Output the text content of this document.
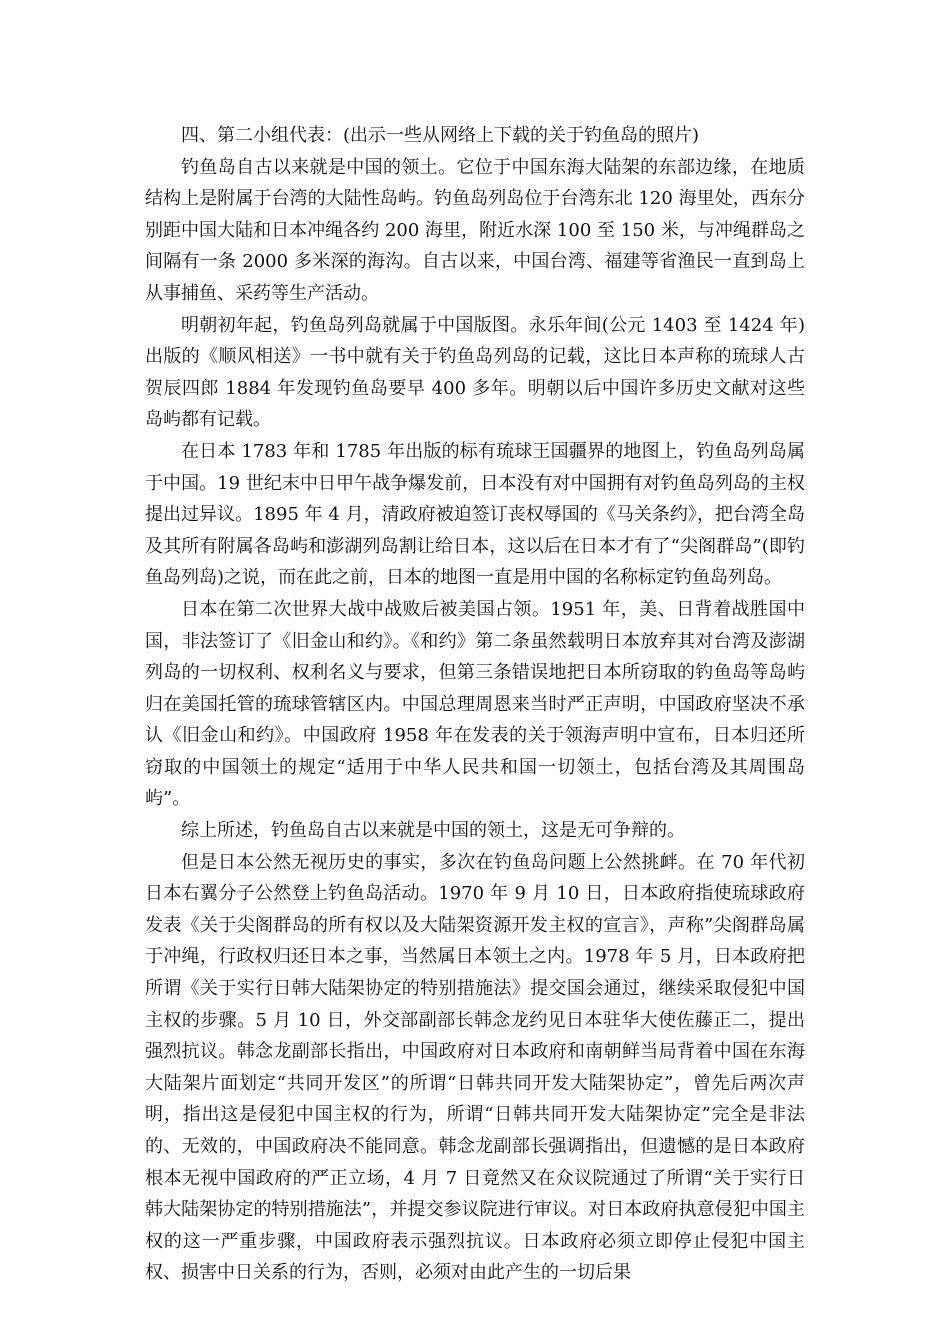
四、第二小组代表：(出示一些从网络上下载的关于钓鱼岛的照片)

钓鱼岛自古以来就是中国的领土。它位于中国东海大陆架的东部边缘，在地质结构上是附属于台湾的大陆性岛屿。钓鱼岛列岛位于台湾东北 120 海里处，西东分别距中国大陆和日本冲绳各约 200 海里，附近水深 100 至 150 米，与冲绳群岛之间隔有一条 2000 多米深的海沟。自古以来，中国台湾、福建等省渔民一直到岛上从事捕鱼、采药等生产活动。

明朝初年起，钓鱼岛列岛就属于中国版图。永乐年间(公元 1403 至 1424 年)出版的《顺风相送》一书中就有关于钓鱼岛列岛的记载，这比日本声称的琉球人古贺辰四郎 1884 年发现钓鱼岛要早 400 多年。明朝以后中国许多历史文献对这些岛屿都有记载。

在日本 1783 年和 1785 年出版的标有琉球王国疆界的地图上，钓鱼岛列岛属于中国。19 世纪末中日甲午战争爆发前，日本没有对中国拥有对钓鱼岛列岛的主权提出过异议。1895 年 4 月，清政府被迫签订丧权辱国的《马关条约》，把台湾全岛及其所有附属各岛屿和澎湖列岛割让给日本，这以后在日本才有了“尖阁群岛”(即钓鱼岛列岛)之说，而在此之前，日本的地图一直是用中国的名称标定钓鱼岛列岛。

日本在第二次世界大战中战败后被美国占领。1951 年，美、日背着战胜国中国，非法签订了《旧金山和约》。《和约》第二条虽然载明日本放弃其对台湾及澎湖列岛的一切权利、权利名义与要求，但第三条错误地把日本所窃取的钓鱼岛等岛屿归在美国托管的琉球管辖区内。中国总理周恩来当时严正声明，中国政府坚决不承认《旧金山和约》。中国政府 1958 年在发表的关于领海声明中宣布，日本归还所窃取的中国领土的规定“适用于中华人民共和国一切领土，包括台湾及其周围岛屿”。

综上所述，钓鱼岛自古以来就是中国的领土，这是无可争辩的。

但是日本公然无视历史的事实，多次在钓鱼岛问题上公然挑衅。在 70 年代初日本右翼分子公然登上钓鱼岛活动。1970 年 9 月 10 日，日本政府指使琉球政府发表《关于尖阁群岛的所有权以及大陆架资源开发主权的宣言》，声称”尖阁群岛属于冲绳，行政权归还日本之事，当然属日本领土之内。1978 年 5 月，日本政府把所谓《关于实行日韩大陆架协定的特别措施法》提交国会通过，继续采取侵犯中国主权的步骤。5 月 10 日，外交部副部长韩念龙约见日本驻华大使佐藤正二，提出强烈抗议。韩念龙副部长指出，中国政府对日本政府和南朝鲜当局背着中国在东海大陆架片面划定“共同开发区”的所谓“日韩共同开发大陆架协定”，曾先后两次声明，指出这是侵犯中国主权的行为，所谓“日韩共同开发大陆架协定”完全是非法的、无效的，中国政府决不能同意。韩念龙副部长强调指出，但遗憾的是日本政府根本无视中国政府的严正立场，4 月 7 日竟然又在众议院通过了所谓“关于实行日韩大陆架协定的特别措施法”，并提交参议院进行审议。对日本政府执意侵犯中国主权的这一严重步骤，中国政府表示强烈抗议。日本政府必须立即停止侵犯中国主权、损害中日关系的行为，否则，必须对由此产生的一切后果
